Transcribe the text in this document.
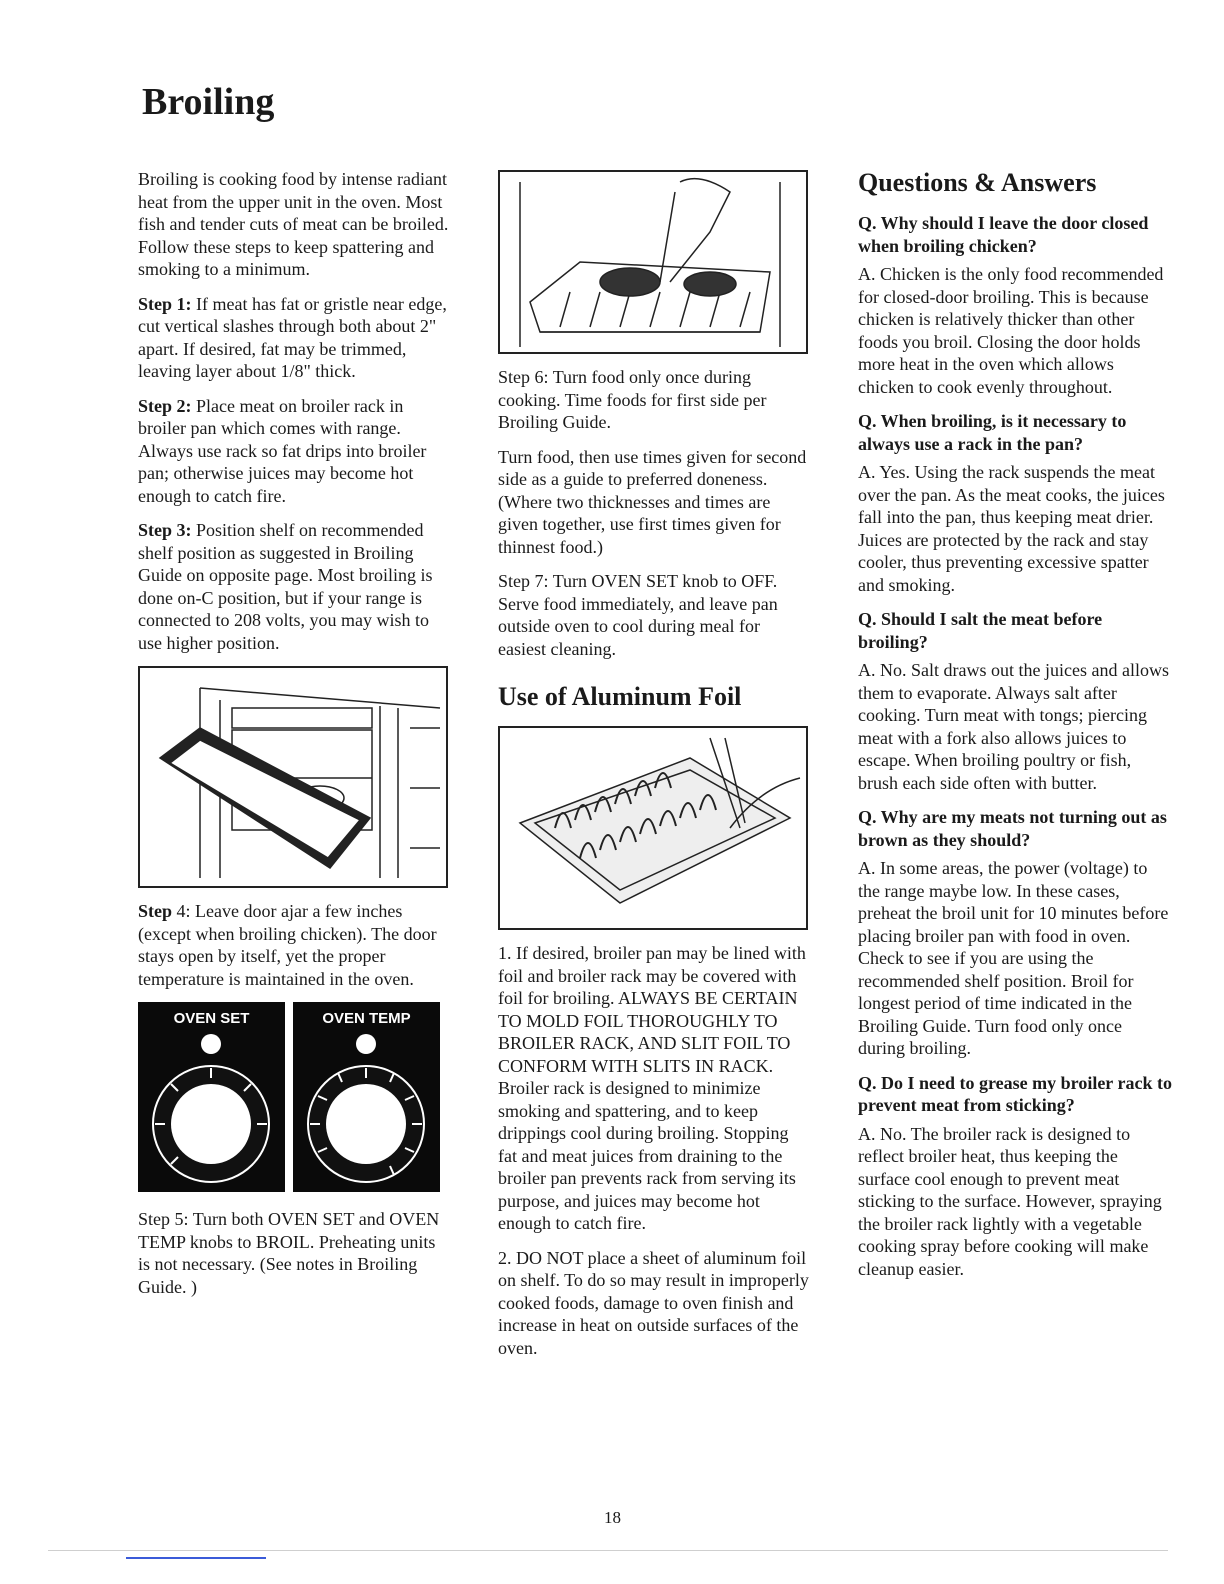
Broiling

Broiling is cooking food by intense radiant heat from the upper unit in the oven. Most fish and tender cuts of meat can be broiled. Follow these steps to keep spattering and smoking to a minimum.

Step 1: If meat has fat or gristle near edge, cut vertical slashes through both about 2" apart. If desired, fat may be trimmed, leaving layer about 1/8" thick.

Step 2: Place meat on broiler rack in broiler pan which comes with range. Always use rack so fat drips into broiler pan; otherwise juices may become hot enough to catch fire.

Step 3: Position shelf on recommended shelf position as suggested in Broiling Guide on opposite page. Most broiling is done on-C position, but if your range is connected to 208 volts, you may wish to use higher position.

Step 4: Leave door ajar a few inches (except when broiling chicken). The door stays open by itself, yet the proper temperature is maintained in the oven.

OVEN SET	OVEN TEMP

Step 5: Turn both OVEN SET and OVEN TEMP knobs to BROIL. Preheating units is not necessary. (See notes in Broiling Guide. )

Step 6: Turn food only once during cooking. Time foods for first side per Broiling Guide.

Turn food, then use times given for second side as a guide to preferred doneness. (Where two thicknesses and times are given together, use first times given for thinnest food.)

Step 7: Turn OVEN SET knob to OFF. Serve food immediately, and leave pan outside oven to cool during meal for easiest cleaning.

Use of Aluminum Foil

1. If desired, broiler pan may be lined with foil and broiler rack may be covered with foil for broiling. ALWAYS BE CERTAIN TO MOLD FOIL THOROUGHLY TO BROILER RACK, AND SLIT FOIL TO CONFORM WITH SLITS IN RACK. Broiler rack is designed to minimize smoking and spattering, and to keep drippings cool during broiling. Stopping fat and meat juices from draining to the broiler pan prevents rack from serving its purpose, and juices may become hot enough to catch fire.

2. DO NOT place a sheet of aluminum foil on shelf. To do so may result in improperly cooked foods, damage to oven finish and increase in heat on outside surfaces of the oven.

Questions & Answers

Q. Why should I leave the door closed when broiling chicken?

A. Chicken is the only food recommended for closed-door broiling. This is because chicken is relatively thicker than other foods you broil. Closing the door holds more heat in the oven which allows chicken to cook evenly throughout.

Q. When broiling, is it necessary to always use a rack in the pan?

A. Yes. Using the rack suspends the meat over the pan. As the meat cooks, the juices fall into the pan, thus keeping meat drier. Juices are protected by the rack and stay cooler, thus preventing excessive spatter and smoking.

Q. Should I salt the meat before broiling?

A. No. Salt draws out the juices and allows them to evaporate. Always salt after cooking. Turn meat with tongs; piercing meat with a fork also allows juices to escape. When broiling poultry or fish, brush each side often with butter.

Q. Why are my meats not turning out as brown as they should?

A. In some areas, the power (voltage) to the range maybe low. In these cases, preheat the broil unit for 10 minutes before placing broiler pan with food in oven. Check to see if you are using the recommended shelf position. Broil for longest period of time indicated in the Broiling Guide. Turn food only once during broiling.

Q. Do I need to grease my broiler rack to prevent meat from sticking?

A. No. The broiler rack is designed to reflect broiler heat, thus keeping the surface cool enough to prevent meat sticking to the surface. However, spraying the broiler rack lightly with a vegetable cooking spray before cooking will make cleanup easier.

18
